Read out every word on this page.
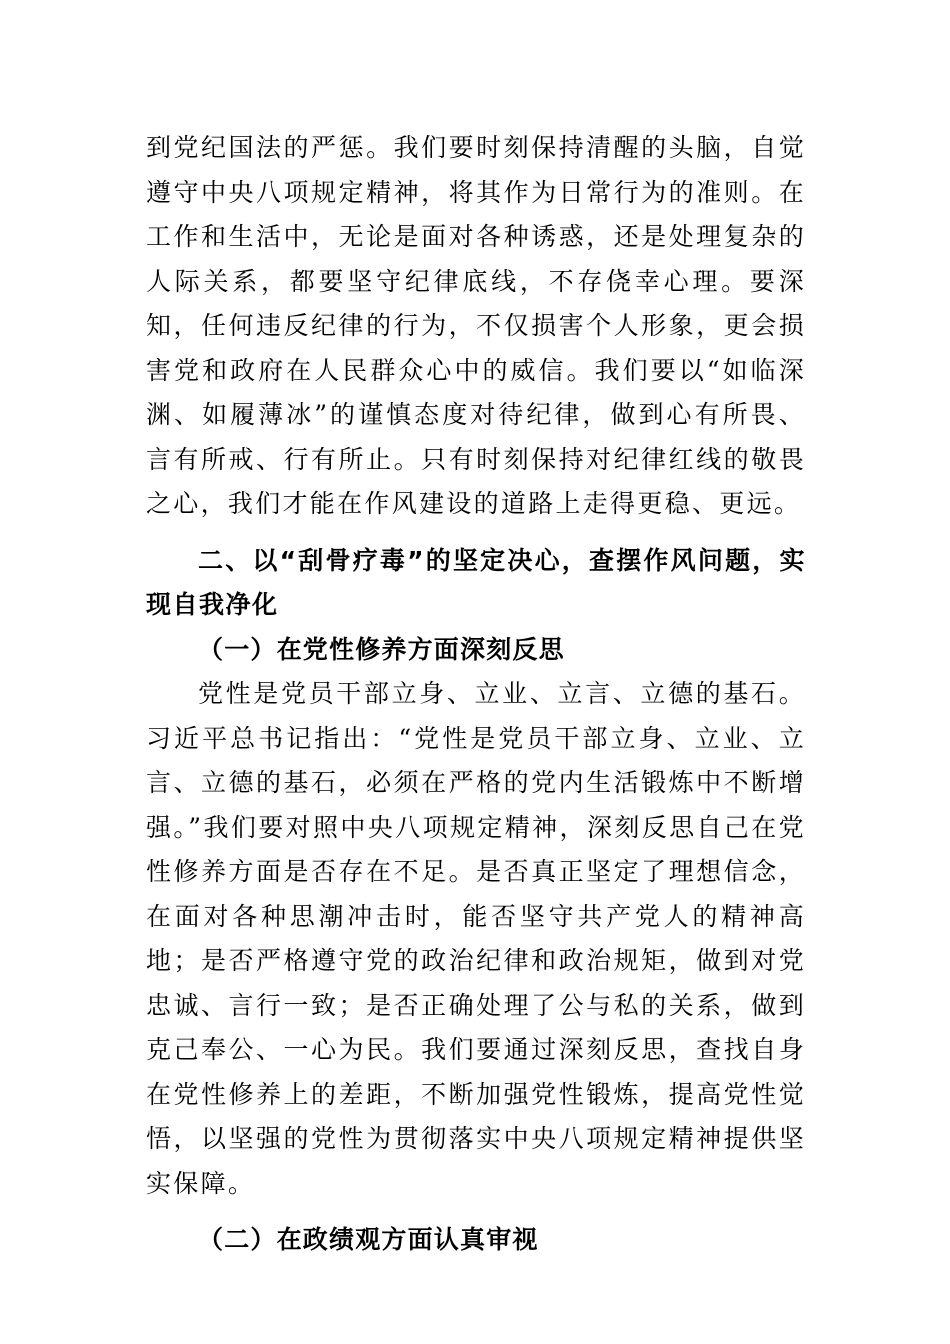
到党纪国法的严惩。我们要时刻保持清醒的头脑，自觉遵守中央八项规定精神，将其作为日常行为的准则。在工作和生活中，无论是面对各种诱惑，还是处理复杂的人际关系，都要坚守纪律底线，不存侥幸心理。要深知，任何违反纪律的行为，不仅损害个人形象，更会损害党和政府在人民群众心中的威信。我们要以“如临深渊、如履薄冰”的谨慎态度对待纪律，做到心有所畏、言有所戒、行有所止。只有时刻保持对纪律红线的敬畏之心，我们才能在作风建设的道路上走得更稳、更远。

二、以“刮骨疗毒”的坚定决心，查摆作风问题，实现自我净化

（一）在党性修养方面深刻反思

党性是党员干部立身、立业、立言、立德的基石。习近平总书记指出：“党性是党员干部立身、立业、立言、立德的基石，必须在严格的党内生活锻炼中不断增强。”我们要对照中央八项规定精神，深刻反思自己在党性修养方面是否存在不足。是否真正坚定了理想信念，在面对各种思潮冲击时，能否坚守共产党人的精神高地；是否严格遵守党的政治纪律和政治规矩，做到对党忠诚、言行一致；是否正确处理了公与私的关系，做到克己奉公、一心为民。我们要通过深刻反思，查找自身在党性修养上的差距，不断加强党性锻炼，提高党性觉悟，以坚强的党性为贯彻落实中央八项规定精神提供坚实保障。

（二）在政绩观方面认真审视
